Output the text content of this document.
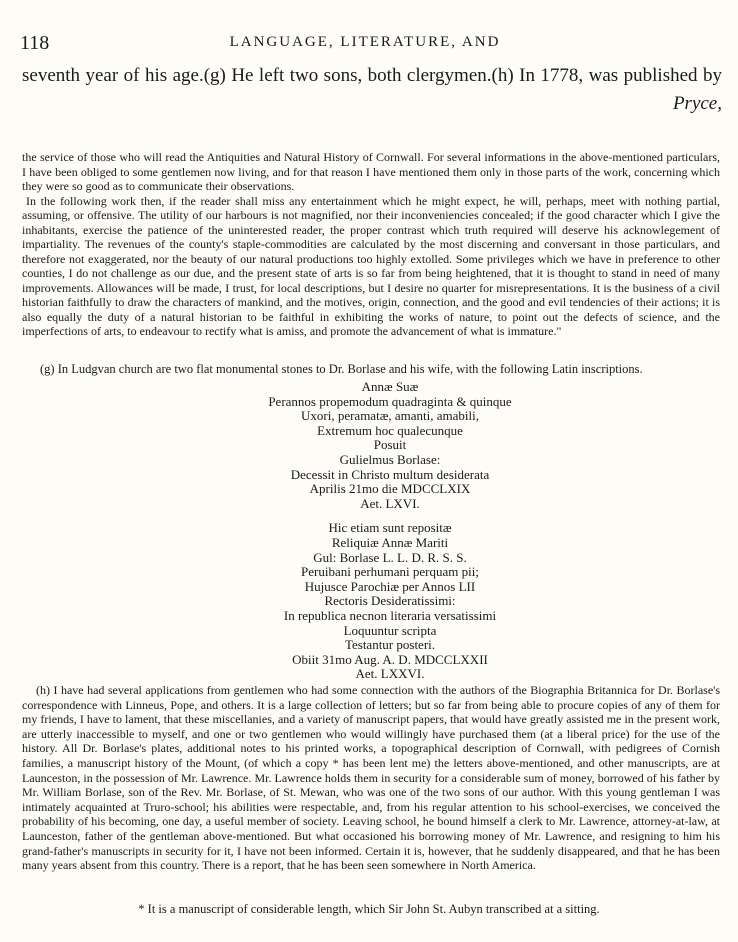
118	LANGUAGE, LITERATURE, AND
seventh year of his age.(g) He left two sons, both clergymen.(h) In 1778, was published by
Pryce,

the service of those who will read the Antiquities and Natural History of Cornwall. For several informations in the above-mentioned particulars, I have been obliged to some gentlemen now living, and for that reason I have mentioned them only in those parts of the work, concerning which they were so good as to communicate their observations.

In the following work then, if the reader shall miss any entertainment which he might expect, he will, perhaps, meet with nothing partial, assuming, or offensive. The utility of our harbours is not magnified, nor their inconveniencies concealed; if the good character which I give the inhabitants, exercise the patience of the uninterested reader, the proper contrast which truth required will deserve his acknowlegement of impartiality. The revenues of the county's staple-commodities are calculated by the most discerning and conversant in those particulars, and therefore not exaggerated, nor the beauty of our natural productions too highly extolled. Some privileges which we have in preference to other counties, I do not challenge as our due, and the present state of arts is so far from being heightened, that it is thought to stand in need of many improvements. Allowances will be made, I trust, for local descriptions, but I desire no quarter for misrepresentations. It is the business of a civil historian faithfully to draw the characters of mankind, and the motives, origin, connection, and the good and evil tendencies of their actions; it is also equally the duty of a natural historian to be faithful in exhibiting the works of nature, to point out the defects of science, and the imperfections of arts, to endeavour to rectify what is amiss, and promote the advancement of what is immature."

(g) In Ludgvan church are two flat monumental stones to Dr. Borlase and his wife, with the following Latin inscriptions.
Annæ Suæ
Perannos propemodum quadraginta & quinque
Uxori, peramatæ, amanti, amabili,
Extremum hoc qualecunque
Posuit
Gulielmus Borlase:
Decessit in Christo multum desiderata
Aprilis 21mo die MDCCLXIX
Aet. LXVI.
Hic etiam sunt repositæ
Reliquiæ Annæ Mariti
Gul: Borlase L. L. D. R. S. S.
Peruibani perhumani perquam pii;
Hujusce Parochiæ per Annos LII
Rectoris Desideratissimi:
In republica necnon literaria versatissimi
Loquuntur scripta
Testantur posteri.
Obiit 31mo Aug. A. D. MDCCLXXII
Aet. LXXVI.

(h) I have had several applications from gentlemen who had some connection with the authors of the Biographia Britannica for Dr. Borlase's correspondence with Linneus, Pope, and others. It is a large collection of letters; but so far from being able to procure copies of any of them for my friends, I have to lament, that these miscellanies, and a variety of manuscript papers, that would have greatly assisted me in the present work, are utterly inaccessible to myself, and one or two gentlemen who would willingly have purchased them (at a liberal price) for the use of the history. All Dr. Borlase's plates, additional notes to his printed works, a topographical description of Cornwall, with pedigrees of Cornish families, a manuscript history of the Mount, (of which a copy * has been lent me) the letters above-mentioned, and other manuscripts, are at Launceston, in the possession of Mr. Lawrence. Mr. Lawrence holds them in security for a considerable sum of money, borrowed of his father by Mr. William Borlase, son of the Rev. Mr. Borlase, of St. Mewan, who was one of the two sons of our author. With this young gentleman I was intimately acquainted at Truro-school; his abilities were respectable, and, from his regular attention to his school-exercises, we conceived the probability of his becoming, one day, a useful member of society. Leaving school, he bound himself a clerk to Mr. Lawrence, attorney-at-law, at Launceston, father of the gentleman above-mentioned. But what occasioned his borrowing money of Mr. Lawrence, and resigning to him his grand-father's manuscripts in security for it, I have not been informed. Certain it is, however, that he suddenly disappeared, and that he has been many years absent from this country. There is a report, that he has been seen somewhere in North America.

* It is a manuscript of considerable length, which Sir John St. Aubyn transcribed at a sitting.
